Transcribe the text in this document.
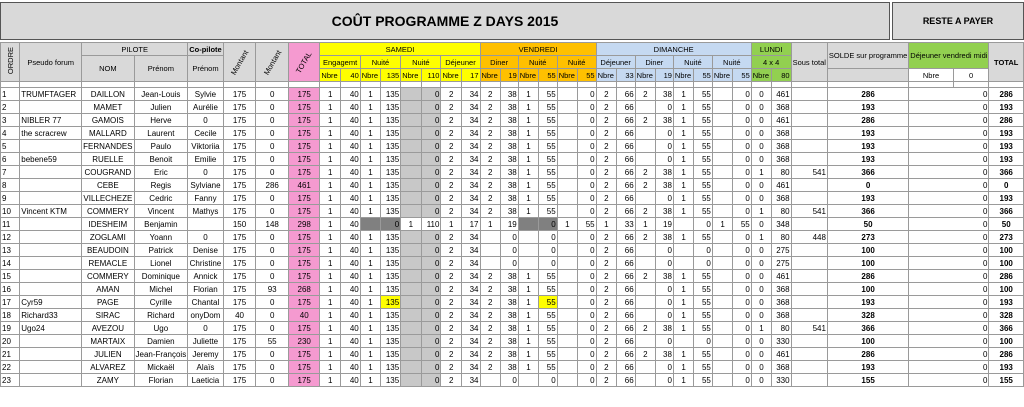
COÛT PROGRAMME Z DAYS 2015	RESTE A PAYER
ORDRE	Pseudo forum	PILOTE		Co-pilote	Montant	Montant	TOTAL	SAMEDI								VENDREDI						DIMANCHE								LUNDI		Sous total	SOLDE sur programme	Déjeuner vendredi midi		TOTAL
		NOM	Prénom	Prénom				Engagemt		Nuité		Nuité		Déjeuner		Diner		Nuité		Nuité		Déjeuner		Diner		Nuité		Nuité		4 x 4						
								Nbre	40	Nbre	135	Nbre	110	Nbre	17	Nbre	19	Nbre	55	Nbre	55	Nbre	33	Nbre	19	Nbre	55	Nbre	55	Nbre	80			Nbre	0	

1	TRUMFTAGER	DAILLON	Jean-Louis	Sylvie	175	0	175	1	40	1	135		0	2	34	2	38	1	55		0	2	66	2	38	1	55		0	0	461		286	0		286
2		MAMET	Julien	Aurélie	175	0	175	1	40	1	135		0	2	34	2	38	1	55		0	2	66		0	1	55		0	0	368		193	0		193
3	NIBLER 77	GAMOIS	Herve	0	175	0	175	1	40	1	135		0	2	34	2	38	1	55		0	2	66	2	38	1	55		0	0	461		286	0		286
4	the scracrew	MALLARD	Laurent	Cecile	175	0	175	1	40	1	135		0	2	34	2	38	1	55		0	2	66		0	1	55		0	0	368		193	0		193
5		FERNANDES	Paulo	Viktoriia	175	0	175	1	40	1	135		0	2	34	2	38	1	55		0	2	66		0	1	55		0	0	368		193	0		193
6	bebene59	RUELLE	Benoit	Emilie	175	0	175	1	40	1	135		0	2	34	2	38	1	55		0	2	66		0	1	55		0	0	368		193	0		193
7		COUGRAND	Eric	0	175	0	175	1	40	1	135		0	2	34	2	38	1	55		0	2	66	2	38	1	55		0	1	80	541	366	0		366
8		CEBE	Regis	Sylviane	175	286	461	1	40	1	135		0	2	34	2	38	1	55		0	2	66	2	38	1	55		0	0	461		0	0		0
9		VILLECHEZE	Cedric	Fanny	175	0	175	1	40	1	135		0	2	34	2	38	1	55		0	2	66		0	1	55		0	0	368		193	0		193
10	Vincent KTM	COMMERY	Vincent	Mathys	175	0	175	1	40	1	135		0	2	34	2	38	1	55		0	2	66	2	38	1	55		0	1	80	541	366	0		366
11		IDESHEIM	Benjamin		150	148	298	1	40		0	1	110	1	17	1	19		0	1	55	1	33	1	19		0	1	55	0	348		50	0		50
12		ZOGLAMI	Yoann	0	175	0	175	1	40	1	135		0	2	34		0		0		0	2	66	2	38	1	55		0	1	80	448	273	0		273
13		BEAUDOIN	Patrick	Denise	175	0	175	1	40	1	135		0	2	34		0		0		0	2	66		0		0		0	0	275		100	0		100
14		REMACLE	Lionel	Christine	175	0	175	1	40	1	135		0	2	34		0		0		0	2	66		0		0		0	0	275		100	0		100
15		COMMERY	Dominique	Annick	175	0	175	1	40	1	135		0	2	34	2	38	1	55		0	2	66	2	38	1	55		0	0	461		286	0		286
16		AMAN	Michel	Florian	175	93	268	1	40	1	135		0	2	34	2	38	1	55		0	2	66		0	1	55		0	0	368		100	0		100
17	Cyr59	PAGE	Cyrille	Chantal	175	0	175	1	40	1	135		0	2	34	2	38	1	55		0	2	66		0	1	55		0	0	368		193	0		193
18	Richard33	SIRAC	Richard	onyDom	40	0	40	1	40	1	135		0	2	34	2	38	1	55		0	2	66		0	1	55		0	0	368		328	0		328
19	Ugo24	AVEZOU	Ugo	0	175	0	175	1	40	1	135		0	2	34	2	38	1	55		0	2	66	2	38	1	55		0	1	80	541	366	0		366
20		MARTAIX	Damien	Juliette	175	55	230	1	40	1	135		0	2	34	2	38	1	55		0	2	66		0		0		0	0	330		100	0		100
21		JULIEN	Jean-François	Jeremy	175	0	175	1	40	1	135		0	2	34	2	38	1	55		0	2	66	2	38	1	55		0	0	461		286	0		286
22		ALVAREZ	Mickaël	Alaïs	175	0	175	1	40	1	135		0	2	34	2	38	1	55		0	2	66		0	1	55		0	0	368		193	0		193
23		ZAMY	Florian	Laeticia	175	0	175	1	40	1	135		0	2	34		0		0		0	2	66		0	1	55		0	0	330		155	0		155
